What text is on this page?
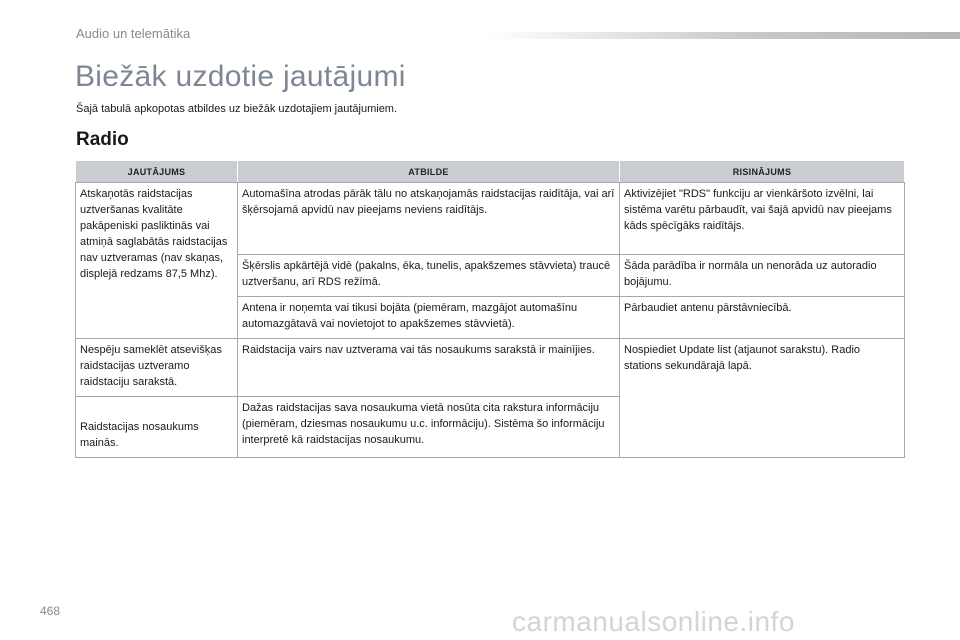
Audio un telemātika
Biežāk uzdotie jautājumi
Šajā tabulā apkopotas atbildes uz biežāk uzdotajiem jautājumiem.
Radio
JAUTĀJUMS	ATBILDE	RISINĀJUMS
Atskaņotās raidstacijas uztveršanas kvalitāte pakāpeniski pasliktinās vai atmiņā saglabātās raidstacijas nav uztveramas (nav skaņas, displejā redzams 87,5 Mhz).	Automašīna atrodas pārāk tālu no atskaņojamās raidstacijas raidītāja, vai arī šķērsojamā apvidū nav pieejams neviens raidītājs.	Aktivizējiet "RDS" funkciju ar vienkāršoto izvēlni, lai sistēma varētu pārbaudīt, vai šajā apvidū nav pieejams kāds spēcīgāks raidītājs.
	Šķērslis apkārtējā vidē (pakalns, ēka, tunelis, apakšzemes stāvvieta) traucē uztveršanu, arī RDS režīmā.	Šāda parādība ir normāla un nenorāda uz autoradio bojājumu.
	Antena ir noņemta vai tikusi bojāta (piemēram, mazgājot automašīnu automazgātavā vai novietojot to apakšzemes stāvvietā).	Pārbaudiet antenu pārstāvniecībā.
Nespēju sameklēt atsevišķas raidstacijas uztveramo raidstaciju sarakstā.	Raidstacija vairs nav uztverama vai tās nosaukums sarakstā ir mainījies.	Nospiediet Update list (atjaunot sarakstu). Radio stations sekundārajā lapā.
Raidstacijas nosaukums mainās.	Dažas raidstacijas sava nosaukuma vietā nosūta cita rakstura informāciju (piemēram, dziesmas nosaukumu u.c. informāciju). Sistēma šo informāciju interpretē kā raidstacijas nosaukumu.	
468	carmanualsonline.info
